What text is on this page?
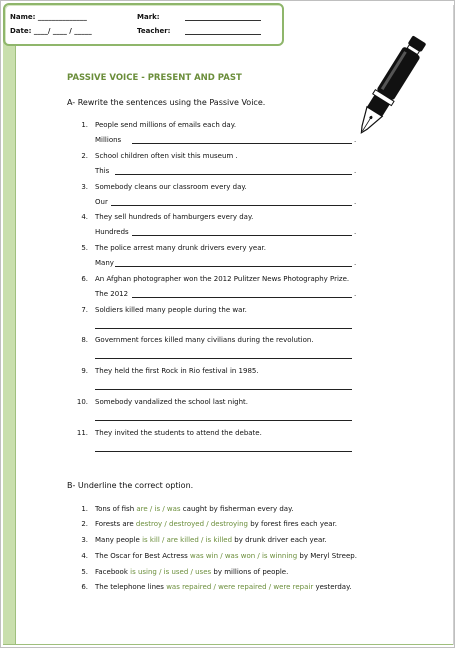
Name: ______________	Mark:
Date: ____/ ____ / _____	Teacher:
PASSIVE VOICE - PRESENT AND PAST
A- Rewrite the sentences using the Passive Voice.
1. People send millions of emails each day.
Millions	.
2. School children often visit this museum .
This	.
3. Somebody cleans our classroom every day.
Our	.
4. They sell hundreds of hamburgers every day.
Hundreds	.
5. The police arrest many drunk drivers every year.
Many	.
6. An Afghan photographer won the 2012 Pulitzer News Photography Prize.
The 2012	.
7. Soldiers killed many people during the war.
8. Government forces killed many civilians during the revolution.
9. They held the first Rock in Rio festival in 1985.
10. Somebody vandalized the school last night.
11. They invited the students to attend the debate.
B- Underline the correct option.
1. Tons of fish are / is / was caught by fisherman every day.
2. Forests are destroy / destroyed / destroying by forest fires each year.
3. Many people is kill / are killed / is killed by drunk driver each year.
4. The Oscar for Best Actress was win / was won / is winning by Meryl Streep.
5. Facebook is using / is used / uses by millions of people.
6. The telephone lines was repaired / were repaired / were repair yesterday.
